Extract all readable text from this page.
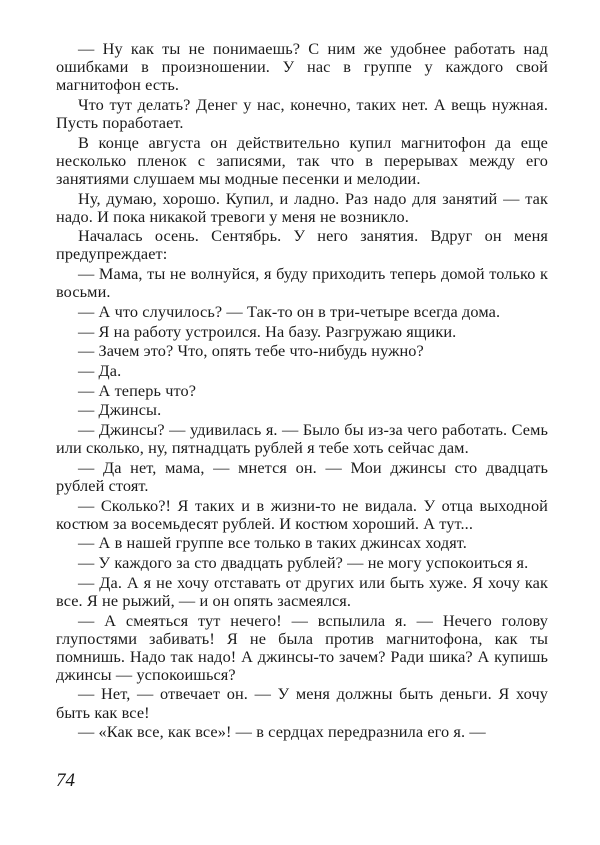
— Ну как ты не понимаешь? С ним же удобнее работать над ошибками в произношении. У нас в группе у каждого свой магнитофон есть.

Что тут делать? Денег у нас, конечно, таких нет. А вещь нужная. Пусть поработает.

В конце августа он действительно купил магнитофон да еще несколько пленок с записями, так что в перерывах между его занятиями слушаем мы модные песенки и мелодии.

Ну, думаю, хорошо. Купил, и ладно. Раз надо для занятий — так надо. И пока никакой тревоги у меня не возникло.

Началась осень. Сентябрь. У него занятия. Вдруг он меня предупреждает:

— Мама, ты не волнуйся, я буду приходить теперь домой только к восьми.

— А что случилось? — Так-то он в три-четыре всегда дома.

— Я на работу устроился. На базу. Разгружаю ящики.

— Зачем это? Что, опять тебе что-нибудь нужно?

— Да.

— А теперь что?

— Джинсы.

— Джинсы? — удивилась я. — Было бы из-за чего работать. Семь или сколько, ну, пятнадцать рублей я тебе хоть сейчас дам.

— Да нет, мама, — мнется он. — Мои джинсы сто двадцать рублей стоят.

— Сколько?! Я таких и в жизни-то не видала. У отца выходной костюм за восемьдесят рублей. И костюм хороший. А тут...

— А в нашей группе все только в таких джинсах ходят.

— У каждого за сто двадцать рублей? — не могу успокоиться я.

— Да. А я не хочу отставать от других или быть хуже. Я хочу как все. Я не рыжий, — и он опять засмеялся.

— А смеяться тут нечего! — вспылила я. — Нечего голову глупостями забивать! Я не была против магнитофона, как ты помнишь. Надо так надо! А джинсы-то зачем? Ради шика? А купишь джинсы — успокоишься?

— Нет, — отвечает он. — У меня должны быть деньги. Я хочу быть как все!

— «Как все, как все»! — в сердцах передразнила его я. —

74
